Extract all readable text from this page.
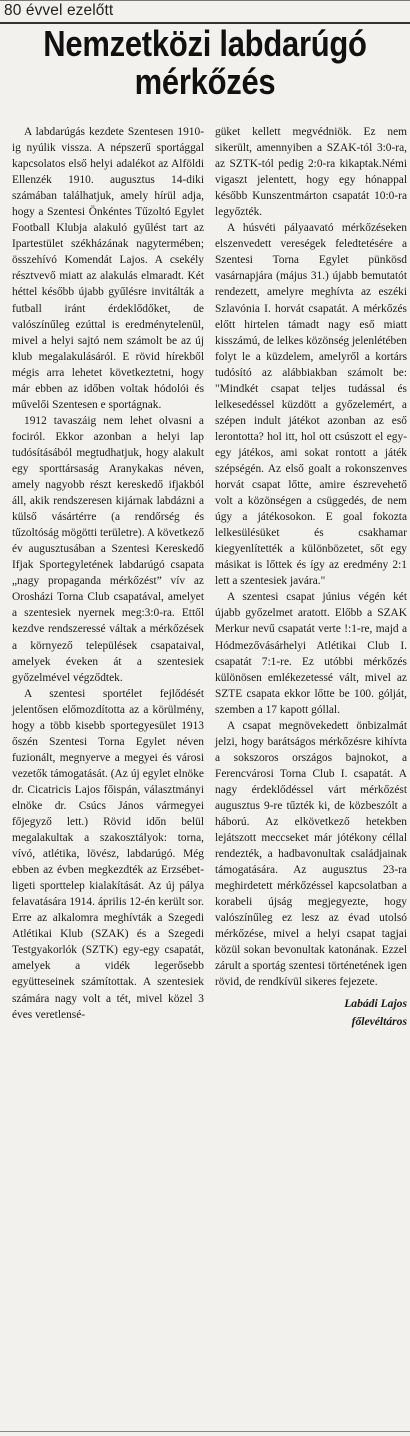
80 évvel ezelőtt
Nemzetközi labdarúgó
mérkőzés

A labdarúgás kezdete Szentesen 1910-ig nyúlik vissza. A népszerű sportággal kapcsolatos első helyi adalékot az Alföldi Ellenzék 1910. augusztus 14-diki számában találhatjuk, amely hírül adja, hogy a Szentesi Önkéntes Tűzoltó Egylet Football Klubja alakuló gyűlést tart az Ipartestület székházának nagytermében; összehívó Komendát Lajos. A csekély résztvevő miatt az alakulás elmaradt. Két héttel később újabb gyűlésre invitálták a futball iránt érdeklődőket, de valószínűleg ezúttal is eredménytelenül, mivel a helyi sajtó nem számolt be az új klub megalakulásáról. E rövid hírekből mégis arra lehetet következtetni, hogy már ebben az időben voltak hódolói és művelői Szentesen e sportágnak.

1912 tavaszáig nem lehet olvasni a fociról. Ekkor azonban a helyi lap tudósításából megtudhatjuk, hogy alakult egy sporttársaság Aranykakas néven, amely nagyobb részt kereskedő ifjakból áll, akik rendszeresen kijárnak labdázni a külső vásártérre (a rendőrség és tűzoltóság mögötti területre). A következő év augusztusában a Szentesi Kereskedő Ifjak Sportegyletének labdarúgó csapata „nagy propaganda mérkőzést” vív az Orosházi Torna Club csapatával, amelyet a szentesiek nyernek meg:3:0-ra. Ettől kezdve rendszeressé váltak a mérkőzések a környező települések csapataival, amelyek éveken át a szentesiek győzelmével végződtek.

A szentesi sportélet fejlődését jelentősen előmozdította az a körülmény, hogy a több kisebb sportegyesület 1913 őszén Szentesi Torna Egylet néven fuzionált, megnyerve a megyei és városi vezetők támogatását. (Az új egylet elnöke dr. Cicatricis Lajos főispán, választmányi elnöke dr. Csúcs János vármegyei főjegyző lett.) Rövid időn belül megalakultak a szakosztályok: torna, vívó, atlétika, lövész, labdarúgó. Még ebben az évben megkezdték az Erzsébet-ligeti sporttelep kialakítását. Az új pálya felavatására 1914. április 12-én került sor. Erre az alkalomra meghívták a Szegedi Atlétikai Klub (SZAK) és a Szegedi Testgyakorlók (SZTK) egy-egy csapatát, amelyek a vidék legerősebb együtteseinek számítottak. A szentesiek számára nagy volt a tét, mivel közel 3 éves veretlensé-

güket kellett megvédniök. Ez nem sikerült, amennyiben a SZAK-tól 3:0-ra, az SZTK-tól pedig 2:0-ra kikaptak.Némi vigaszt jelentett, hogy egy hónappal később Kunszentmárton csapatát 10:0-ra legyőzték.

A húsvéti pályaavató mérkőzéseken elszenvedett vereségek feledtetésére a Szentesi Torna Egylet pünkösd vasárnapjára (május 31.) újabb bemutatót rendezett, amelyre meghívta az eszéki Szlavónia I. horvát csapatát. A mérkőzés előtt hirtelen támadt nagy eső miatt kisszámú, de lelkes közönség jelenlétében folyt le a küzdelem, amelyről a kortárs tudósító az alábbiakban számolt be: "Mindkét csapat teljes tudással és lelkesedéssel küzdött a győzelemért, a szépen indult játékot azonban az eső lerontotta? hol itt, hol ott csúszott el egy-egy játékos, ami sokat rontott a játék szépségén. Az első goalt a rokonszenves horvát csapat lőtte, amire észrevehető volt a közönségen a csüggedés, de nem úgy a játékosokon. E goal fokozta lelkesülésüket és csakhamar kiegyenlítették a különbözetet, sőt egy másikat is lőttek és így az eredmény 2:1 lett a szentesiek javára."

A szentesi csapat június végén két újabb győzelmet aratott. Előbb a SZAK Merkur nevű csapatát verte !:1-re, majd a Hódmezővásárhelyi Atlétikai Club I. csapatát 7:1-re. Ez utóbbi mérkőzés különösen emlékezetessé vált, mivel az SZTE csapata ekkor lőtte be 100. gólját, szemben a 17 kapott góllal.

A csapat megnövekedett önbizalmát jelzi, hogy barátságos mérkőzésre kihívta a sokszoros országos bajnokot, a Ferencvárosi Torna Club I. csapatát. A nagy érdeklődéssel várt mérkőzést augusztus 9-re tűzték ki, de közbeszólt a háború. Az elkövetkező hetekben lejátszott meccseket már jótékony céllal rendezték, a hadbavonultak családjainak támogatására. Az augusztus 23-ra meghirdetett mérkőzéssel kapcsolatban a korabeli újság megjegyezte, hogy valószínűleg ez lesz az évad utolsó mérkőzése, mivel a helyi csapat tagjai közül sokan bevonultak katonának. Ezzel zárult a sportág szentesi történetének igen rövid, de rendkívül sikeres fejezete.

Labádi Lajos
főlevéltáros
